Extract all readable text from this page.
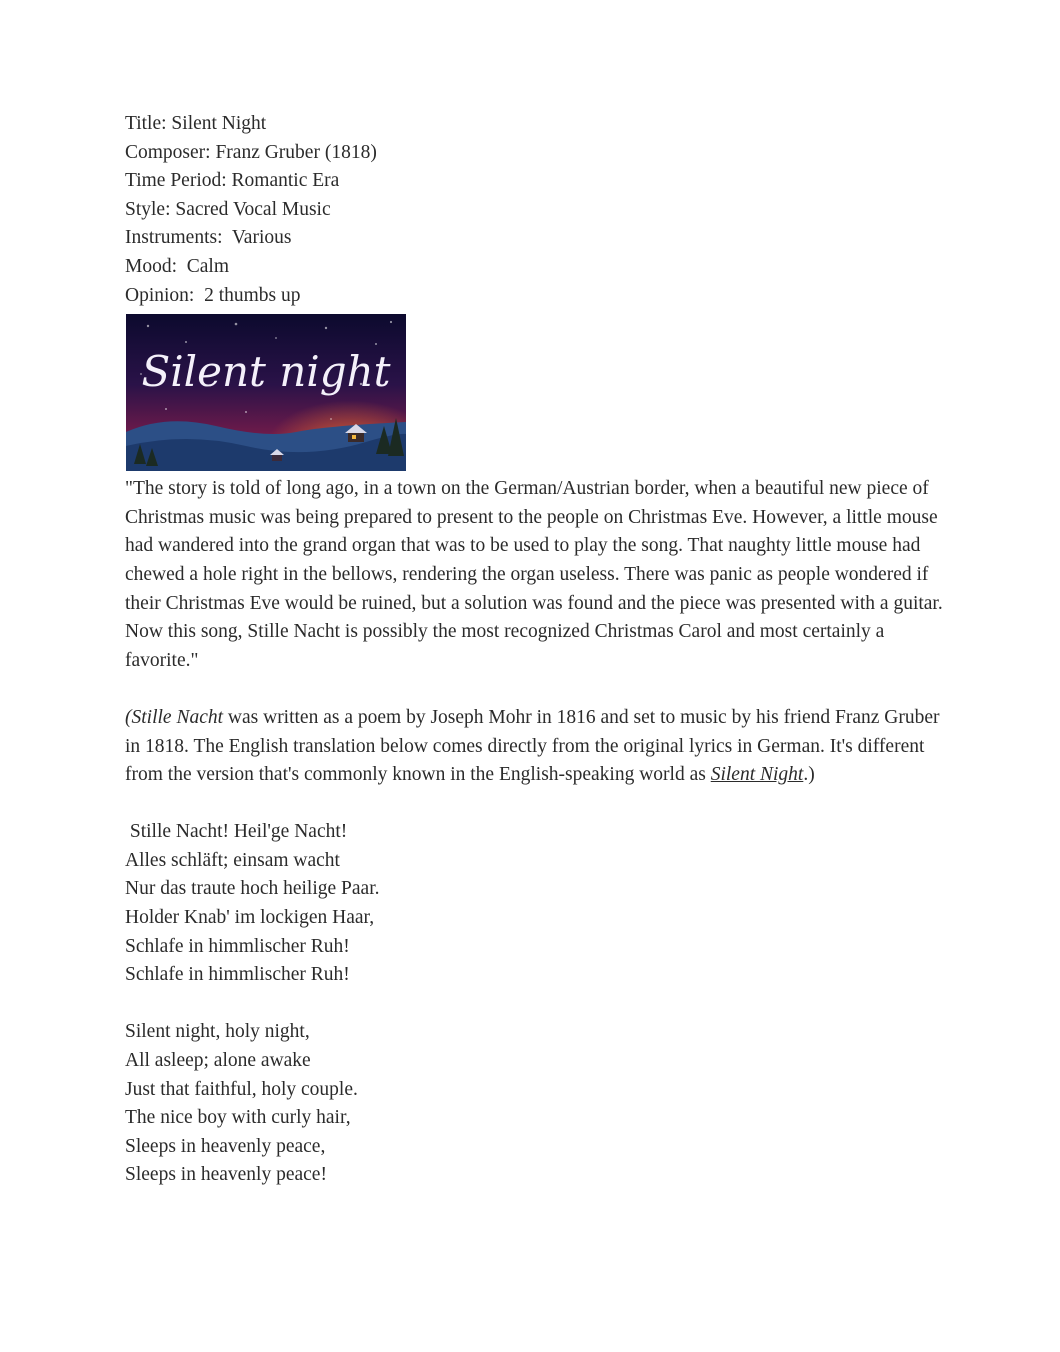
Title: Silent Night
Composer: Franz Gruber (1818)
Time Period: Romantic Era
Style: Sacred Vocal Music
Instruments:  Various
Mood:  Calm
Opinion:  2 thumbs up
Silent night

"The story is told of long ago, in a town on the German/Austrian border, when a beautiful new piece of Christmas music was being prepared to present to the people on Christmas Eve. However, a little mouse had wandered into the grand organ that was to be used to play the song. That naughty little mouse had chewed a hole right in the bellows, rendering the organ useless. There was panic as people wondered if their Christmas Eve would be ruined, but a solution was found and the piece was presented with a guitar. Now this song, Stille Nacht is possibly the most recognized Christmas Carol and most certainly a favorite."

(Stille Nacht was written as a poem by Joseph Mohr in 1816 and set to music by his friend Franz Gruber in 1818. The English translation below comes directly from the original lyrics in German. It's different from the version that's commonly known in the English-speaking world as Silent Night.)

Stille Nacht! Heil'ge Nacht!
Alles schläft; einsam wacht
Nur das traute hoch heilige Paar.
Holder Knab' im lockigen Haar,
Schlafe in himmlischer Ruh!
Schlafe in himmlischer Ruh!
Silent night, holy night,
All asleep; alone awake
Just that faithful, holy couple.
The nice boy with curly hair,
Sleeps in heavenly peace,
Sleeps in heavenly peace!
